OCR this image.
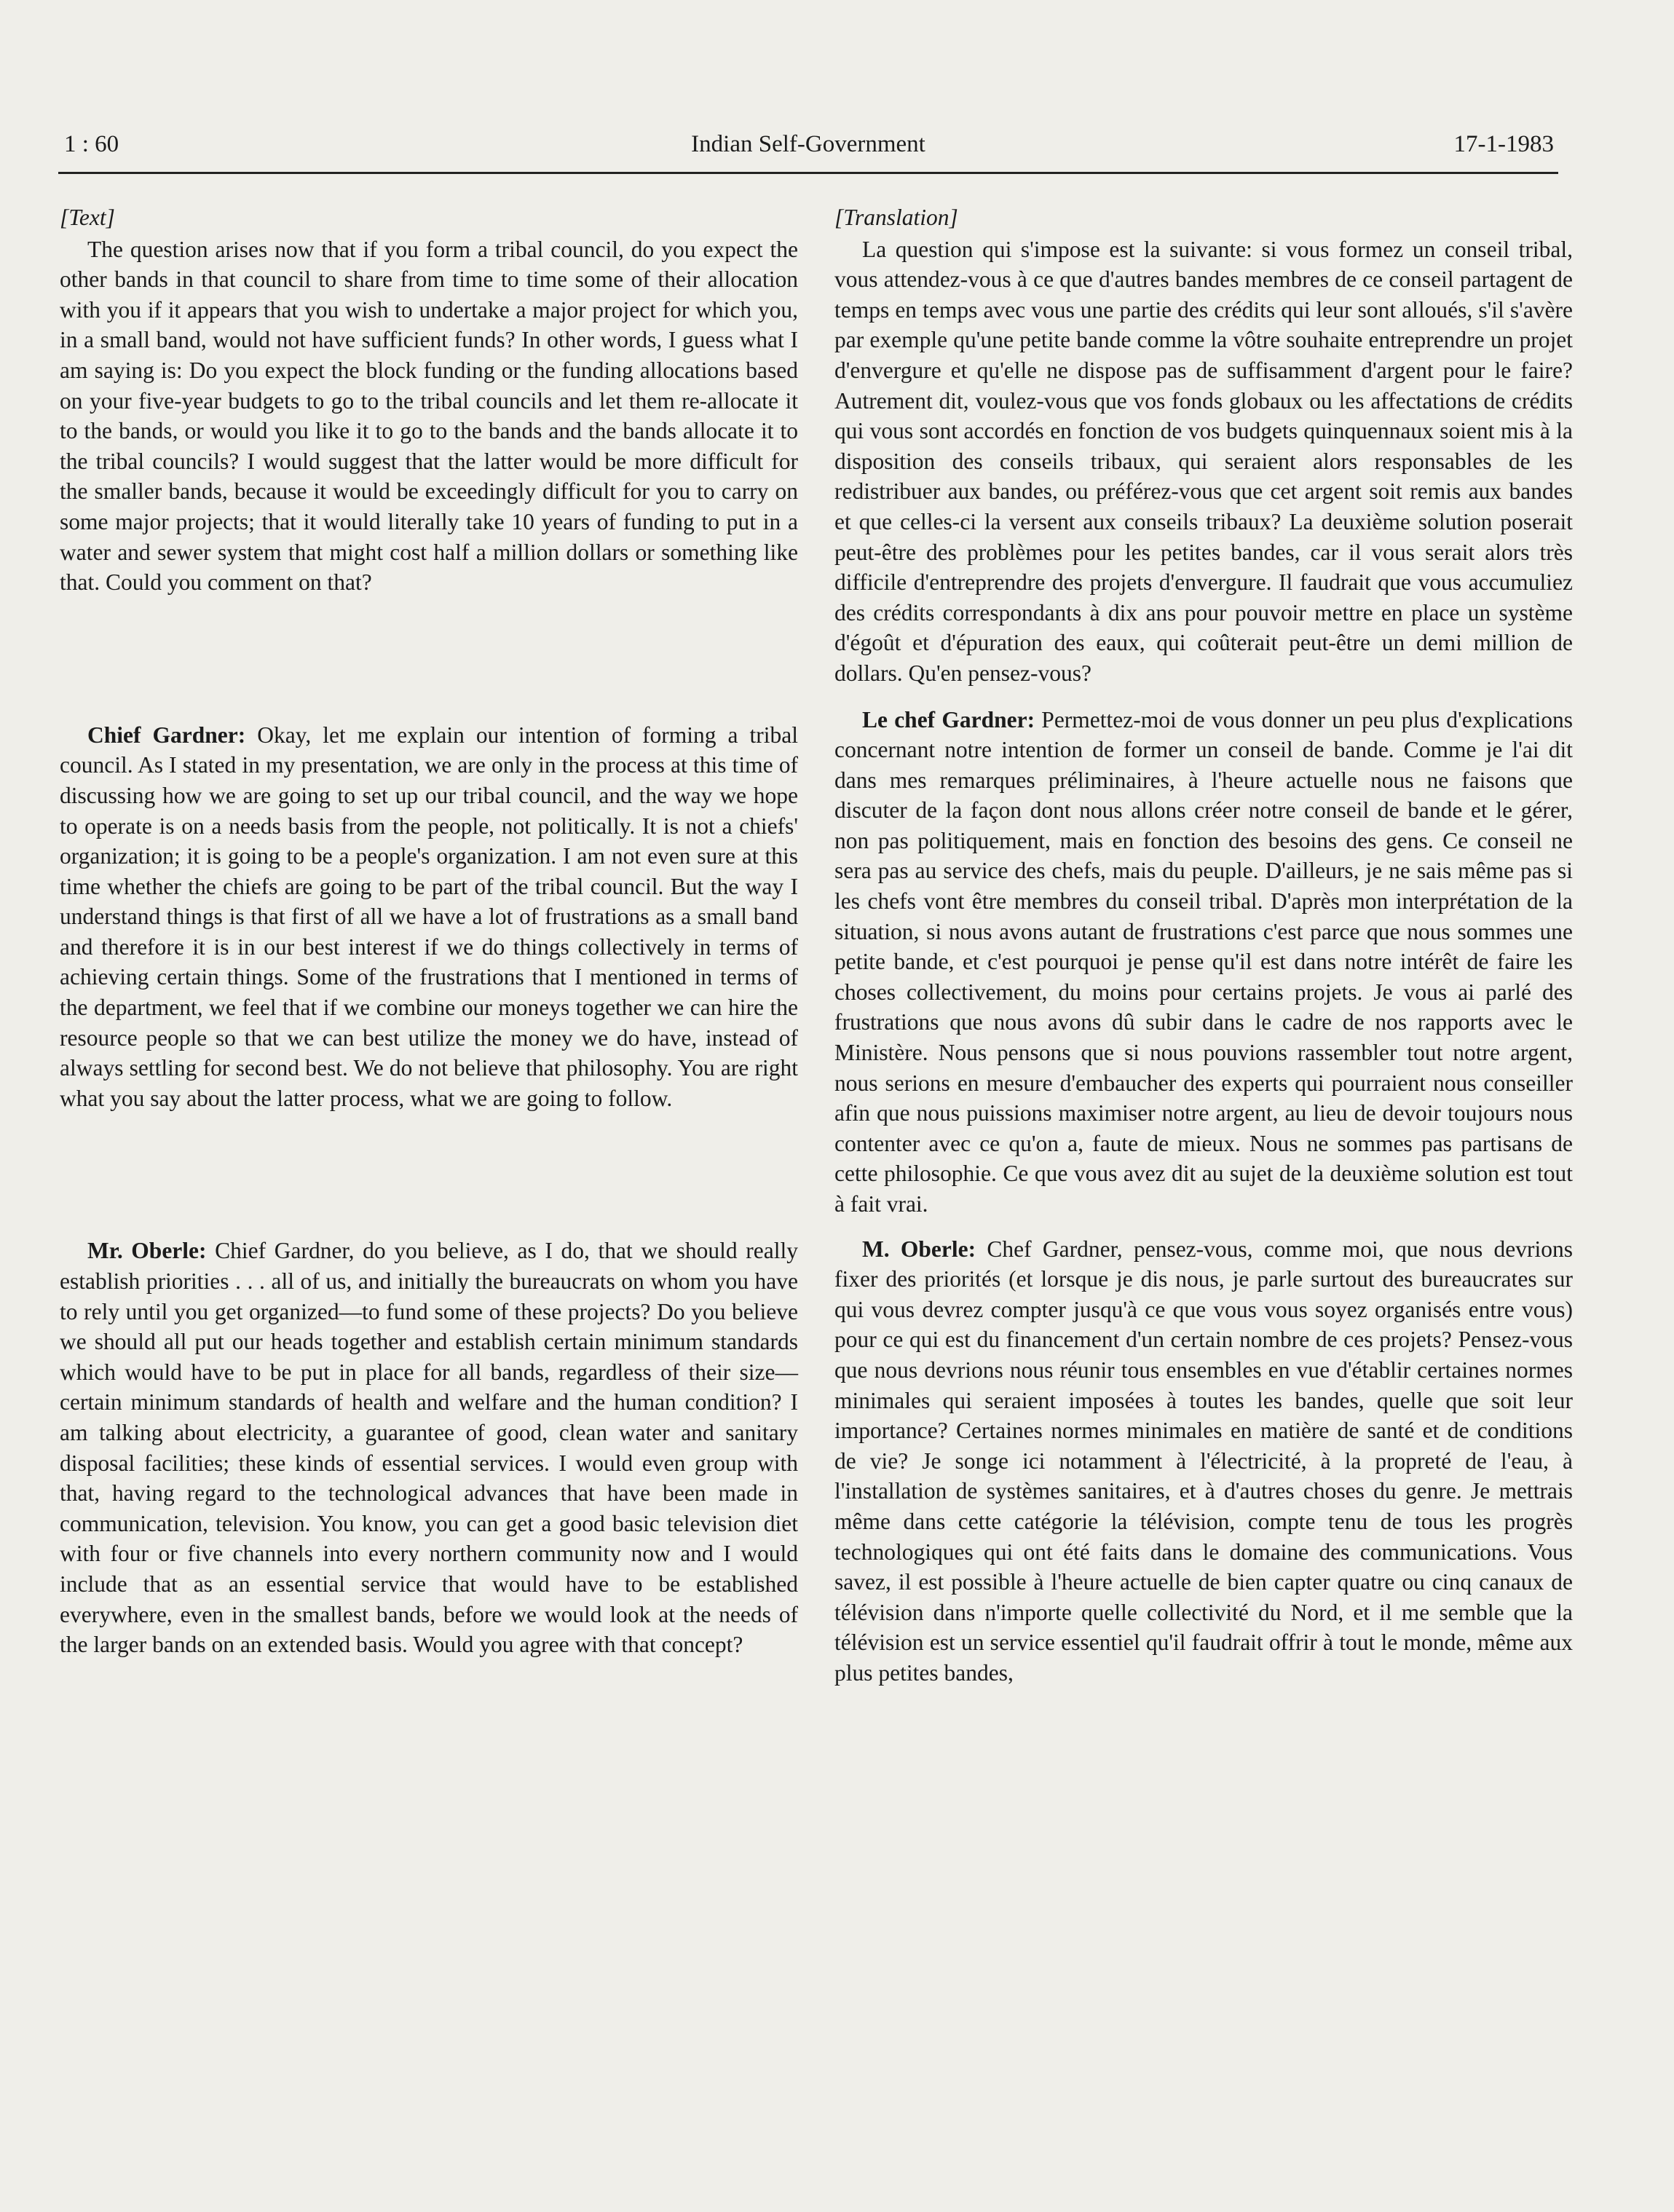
1 : 60	Indian Self-Government	17-1-1983

[Text]

The question arises now that if you form a tribal council, do you expect the other bands in that council to share from time to time some of their allocation with you if it appears that you wish to undertake a major project for which you, in a small band, would not have sufficient funds? In other words, I guess what I am saying is: Do you expect the block funding or the funding allocations based on your five-year budgets to go to the tribal councils and let them re-allocate it to the bands, or would you like it to go to the bands and the bands allocate it to the tribal councils? I would suggest that the latter would be more difficult for the smaller bands, because it would be exceedingly difficult for you to carry on some major projects; that it would literally take 10 years of funding to put in a water and sewer system that might cost half a million dollars or something like that. Could you comment on that?

Chief Gardner: Okay, let me explain our intention of forming a tribal council. As I stated in my presentation, we are only in the process at this time of discussing how we are going to set up our tribal council, and the way we hope to operate is on a needs basis from the people, not politically. It is not a chiefs' organization; it is going to be a people's organization. I am not even sure at this time whether the chiefs are going to be part of the tribal council. But the way I understand things is that first of all we have a lot of frustrations as a small band and therefore it is in our best interest if we do things collectively in terms of achieving certain things. Some of the frustrations that I mentioned in terms of the department, we feel that if we combine our moneys together we can hire the resource people so that we can best utilize the money we do have, instead of always settling for second best. We do not believe that philosophy. You are right what you say about the latter process, what we are going to follow.

Mr. Oberle: Chief Gardner, do you believe, as I do, that we should really establish priorities . . . all of us, and initially the bureaucrats on whom you have to rely until you get organized—to fund some of these projects? Do you believe we should all put our heads together and establish certain minimum standards which would have to be put in place for all bands, regardless of their size—certain minimum standards of health and welfare and the human condition? I am talking about electricity, a guarantee of good, clean water and sanitary disposal facilities; these kinds of essential services. I would even group with that, having regard to the technological advances that have been made in communication, television. You know, you can get a good basic television diet with four or five channels into every northern community now and I would include that as an essential service that would have to be established everywhere, even in the smallest bands, before we would look at the needs of the larger bands on an extended basis. Would you agree with that concept?

[Translation]

La question qui s'impose est la suivante: si vous formez un conseil tribal, vous attendez-vous à ce que d'autres bandes membres de ce conseil partagent de temps en temps avec vous une partie des crédits qui leur sont alloués, s'il s'avère par exemple qu'une petite bande comme la vôtre souhaite entreprendre un projet d'envergure et qu'elle ne dispose pas de suffisamment d'argent pour le faire? Autrement dit, voulez-vous que vos fonds globaux ou les affectations de crédits qui vous sont accordés en fonction de vos budgets quinquennaux soient mis à la disposition des conseils tribaux, qui seraient alors responsables de les redistribuer aux bandes, ou préférez-vous que cet argent soit remis aux bandes et que celles-ci la versent aux conseils tribaux? La deuxième solution poserait peut-être des problèmes pour les petites bandes, car il vous serait alors très difficile d'entreprendre des projets d'envergure. Il faudrait que vous accumuliez des crédits correspondants à dix ans pour pouvoir mettre en place un système d'égoût et d'épuration des eaux, qui coûterait peut-être un demi million de dollars. Qu'en pensez-vous?

Le chef Gardner: Permettez-moi de vous donner un peu plus d'explications concernant notre intention de former un conseil de bande. Comme je l'ai dit dans mes remarques préliminaires, à l'heure actuelle nous ne faisons que discuter de la façon dont nous allons créer notre conseil de bande et le gérer, non pas politiquement, mais en fonction des besoins des gens. Ce conseil ne sera pas au service des chefs, mais du peuple. D'ailleurs, je ne sais même pas si les chefs vont être membres du conseil tribal. D'après mon interprétation de la situation, si nous avons autant de frustrations c'est parce que nous sommes une petite bande, et c'est pourquoi je pense qu'il est dans notre intérêt de faire les choses collectivement, du moins pour certains projets. Je vous ai parlé des frustrations que nous avons dû subir dans le cadre de nos rapports avec le Ministère. Nous pensons que si nous pouvions rassembler tout notre argent, nous serions en mesure d'embaucher des experts qui pourraient nous conseiller afin que nous puissions maximiser notre argent, au lieu de devoir toujours nous contenter avec ce qu'on a, faute de mieux. Nous ne sommes pas partisans de cette philosophie. Ce que vous avez dit au sujet de la deuxième solution est tout à fait vrai.

M. Oberle: Chef Gardner, pensez-vous, comme moi, que nous devrions fixer des priorités (et lorsque je dis nous, je parle surtout des bureaucrates sur qui vous devrez compter jusqu'à ce que vous vous soyez organisés entre vous) pour ce qui est du financement d'un certain nombre de ces projets? Pensez-vous que nous devrions nous réunir tous ensembles en vue d'établir certaines normes minimales qui seraient imposées à toutes les bandes, quelle que soit leur importance? Certaines normes minimales en matière de santé et de conditions de vie? Je songe ici notamment à l'électricité, à la propreté de l'eau, à l'installation de systèmes sanitaires, et à d'autres choses du genre. Je mettrais même dans cette catégorie la télévision, compte tenu de tous les progrès technologiques qui ont été faits dans le domaine des communications. Vous savez, il est possible à l'heure actuelle de bien capter quatre ou cinq canaux de télévision dans n'importe quelle collectivité du Nord, et il me semble que la télévision est un service essentiel qu'il faudrait offrir à tout le monde, même aux plus petites bandes,
